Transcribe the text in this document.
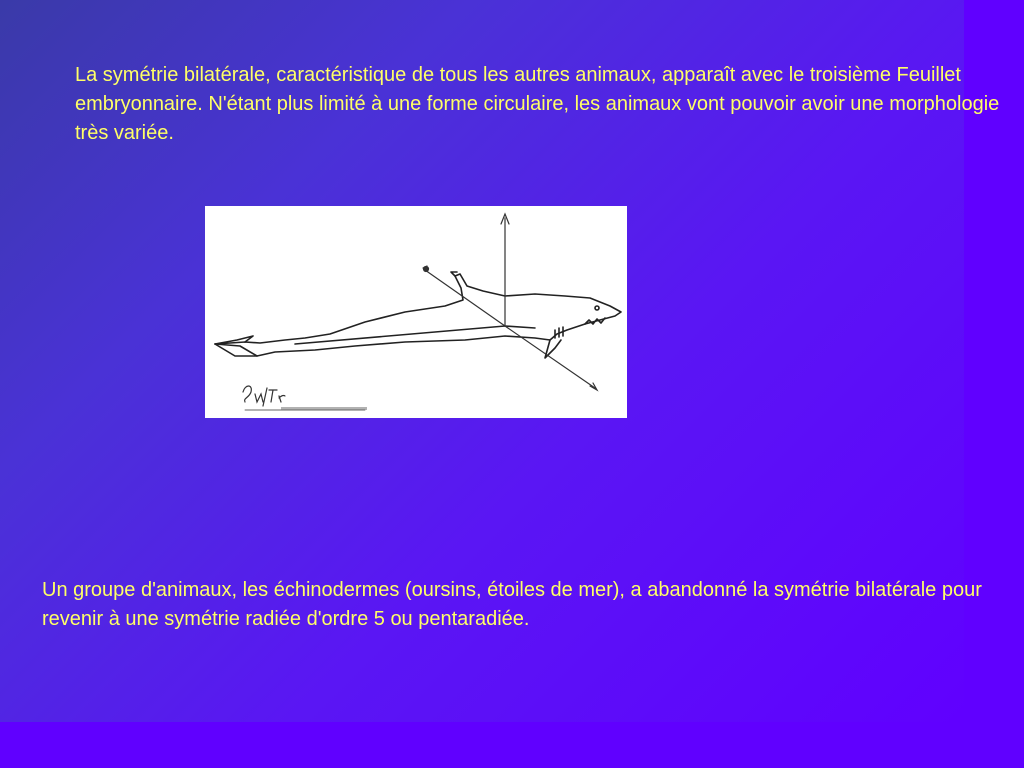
La symétrie bilatérale, caractéristique de tous les autres animaux, apparaît avec le troisième Feuillet embryonnaire. N'étant plus limité à une forme circulaire, les animaux vont pouvoir avoir une morphologie très variée.

Un groupe d'animaux, les échinodermes (oursins, étoiles de mer), a abandonné la symétrie bilatérale pour revenir à une symétrie radiée d'ordre 5 ou pentaradiée.
